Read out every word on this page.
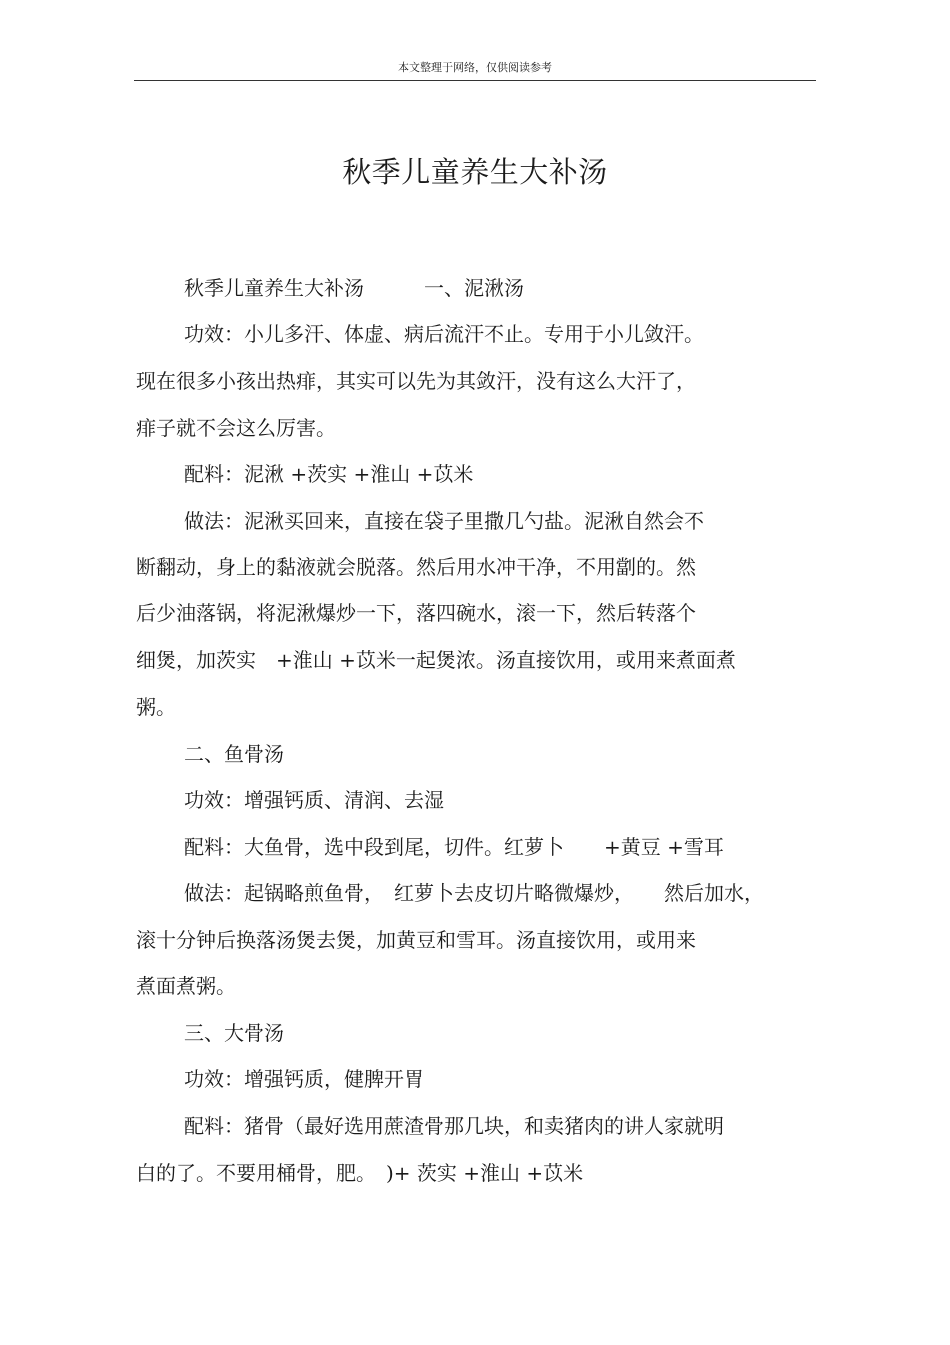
本文整理于网络，仅供阅读参考
秋季儿童养生大补汤
秋季儿童养生大补汤　　　一、泥湫汤
功效：小儿多汗、体虚、病后流汗不止。专用于小儿敛汗。
现在很多小孩出热痱，其实可以先为其敛汗，没有这么大汗了，
痱子就不会这么厉害。
配料：泥湫 +茨实 +淮山 +苡米
做法：泥湫买回来，直接在袋子里撒几勺盐。泥湫自然会不
断翻动，身上的黏液就会脱落。然后用水冲干净，不用劏的。然
后少油落锅，将泥湫爆炒一下，落四碗水，滚一下，然后转落个
细煲，加茨实　+淮山 +苡米一起煲浓。汤直接饮用，或用来煮面煮
粥。
二、鱼骨汤
功效：增强钙质、清润、去湿
配料：大鱼骨，选中段到尾，切件。红萝卜　　+黄豆 +雪耳
做法：起锅略煎鱼骨，　红萝卜去皮切片略微爆炒，　　然后加水，
滚十分钟后换落汤煲去煲，加黄豆和雪耳。汤直接饮用，或用来
煮面煮粥。
三、大骨汤
功效：增强钙质，健脾开胃
配料：猪骨（最好选用蔗渣骨那几块，和卖猪肉的讲人家就明
白的了。不要用桶骨，肥。　)+ 茨实 +淮山 +苡米
